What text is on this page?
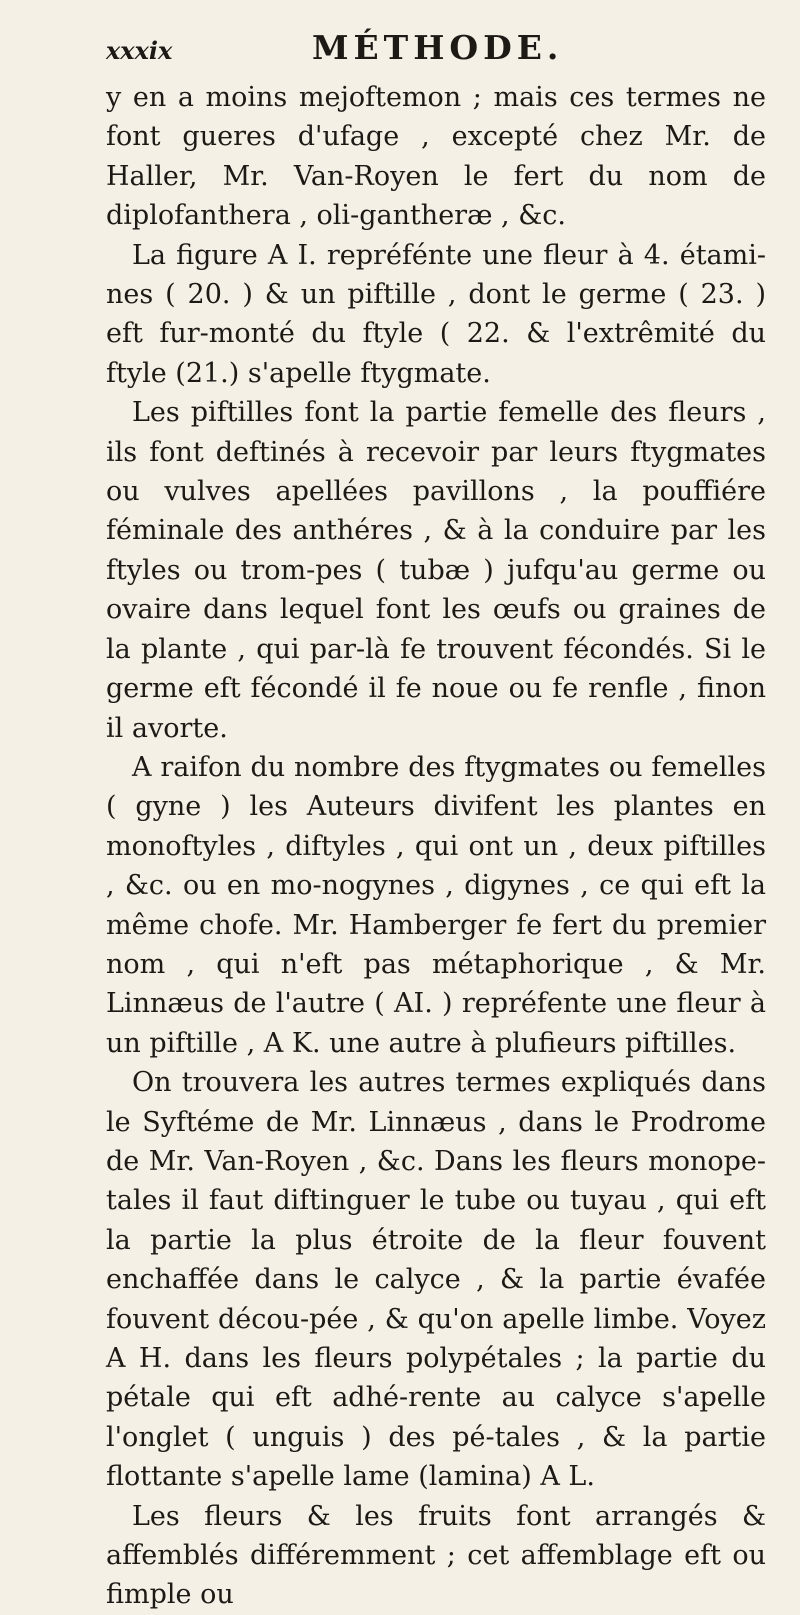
xxxix	MÉTHODE.

y en a moins mejoftemon ; mais ces termes ne font gueres d'ufage , excepté chez Mr. de Haller, Mr. Van-Royen le fert du nom de diplofanthera , oli-gantheræ , &c.

La figure A I. repréfénte une fleur à 4. étami-nes ( 20. ) & un piftille , dont le germe ( 23. ) eft fur-monté du ftyle ( 22. & l'extrêmité du ftyle (21.) s'apelle ftygmate.

Les piftilles font la partie femelle des fleurs , ils font deftinés à recevoir par leurs ftygmates ou vulves apellées pavillons , la pouffiére féminale des anthéres , & à la conduire par les ftyles ou trom-pes ( tubæ ) jufqu'au germe ou ovaire dans lequel font les œufs ou graines de la plante , qui par-là fe trouvent fécondés. Si le germe eft fécondé il fe noue ou fe renfle , finon il avorte.

A raifon du nombre des ftygmates ou femelles ( gyne ) les Auteurs divifent les plantes en monoftyles , diftyles , qui ont un , deux piftilles , &c. ou en mo-nogynes , digynes , ce qui eft la même chofe. Mr. Hamberger fe fert du premier nom , qui n'eft pas métaphorique , & Mr. Linnæus de l'autre ( AI. ) repréfente une fleur à un piftille , A K. une autre à plufieurs piftilles.

On trouvera les autres termes expliqués dans le Syftéme de Mr. Linnæus , dans le Prodrome de Mr. Van-Royen , &c. Dans les fleurs monope-tales il faut diftinguer le tube ou tuyau , qui eft la partie la plus étroite de la fleur fouvent enchaffée dans le calyce , & la partie évafée fouvent décou-pée , & qu'on apelle limbe. Voyez A H. dans les fleurs polypétales ; la partie du pétale qui eft adhé-rente au calyce s'apelle l'onglet ( unguis ) des pé-tales , & la partie flottante s'apelle lame (lamina) A L.

Les fleurs & les fruits font arrangés & affemblés différemment ; cet affemblage eft ou fimple ou
